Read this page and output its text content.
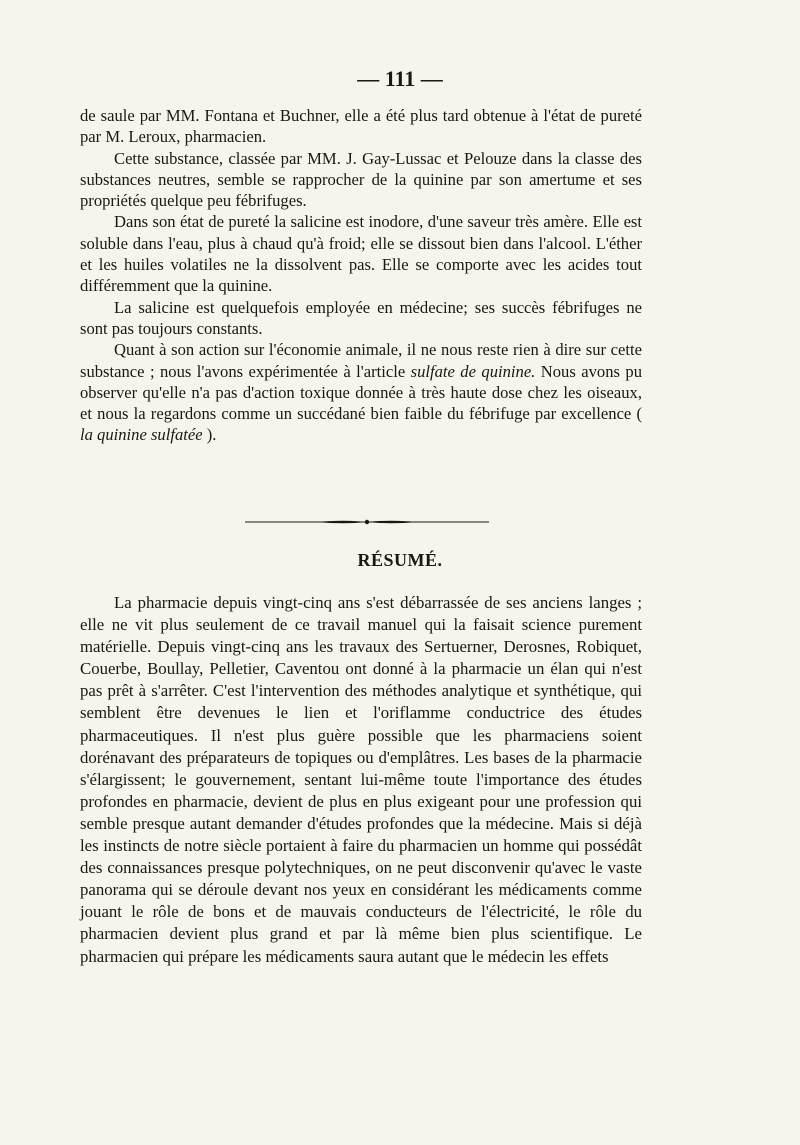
— 111 —

de saule par MM. Fontana et Buchner, elle a été plus tard obtenue à l'état de pureté par M. Leroux, pharmacien.

Cette substance, classée par MM. J. Gay-Lussac et Pelouze dans la classe des substances neutres, semble se rapprocher de la quinine par son amertume et ses propriétés quelque peu fébrifuges.

Dans son état de pureté la salicine est inodore, d'une saveur très amère. Elle est soluble dans l'eau, plus à chaud qu'à froid; elle se dissout bien dans l'alcool. L'éther et les huiles volatiles ne la dissolvent pas. Elle se comporte avec les acides tout différemment que la quinine.

La salicine est quelquefois employée en médecine; ses succès fébrifuges ne sont pas toujours constants.

Quant à son action sur l'économie animale, il ne nous reste rien à dire sur cette substance ; nous l'avons expérimentée à l'article sulfate de quinine. Nous avons pu observer qu'elle n'a pas d'action toxique donnée à très haute dose chez les oiseaux, et nous la regardons comme un succédané bien faible du fébrifuge par excellence ( la quinine sulfatée ).

RÉSUMÉ.

La pharmacie depuis vingt-cinq ans s'est débarrassée de ses anciens langes ; elle ne vit plus seulement de ce travail manuel qui la faisait science purement matérielle. Depuis vingt-cinq ans les travaux des Sertuerner, Derosnes, Robiquet, Couerbe, Boullay, Pelletier, Caventou ont donné à la pharmacie un élan qui n'est pas prêt à s'arrêter. C'est l'intervention des méthodes analytique et synthétique, qui semblent être devenues le lien et l'oriflamme conductrice des études pharmaceutiques. Il n'est plus guère possible que les pharmaciens soient dorénavant des préparateurs de topiques ou d'emplâtres. Les bases de la pharmacie s'élargissent; le gouvernement, sentant lui-même toute l'importance des études profondes en pharmacie, devient de plus en plus exigeant pour une profession qui semble presque autant demander d'études profondes que la médecine. Mais si déjà les instincts de notre siècle portaient à faire du pharmacien un homme qui possédât des connaissances presque polytechniques, on ne peut disconvenir qu'avec le vaste panorama qui se déroule devant nos yeux en considérant les médicaments comme jouant le rôle de bons et de mauvais conducteurs de l'électricité, le rôle du pharmacien devient plus grand et par là même bien plus scientifique. Le pharmacien qui prépare les médicaments saura autant que le médecin les effets
